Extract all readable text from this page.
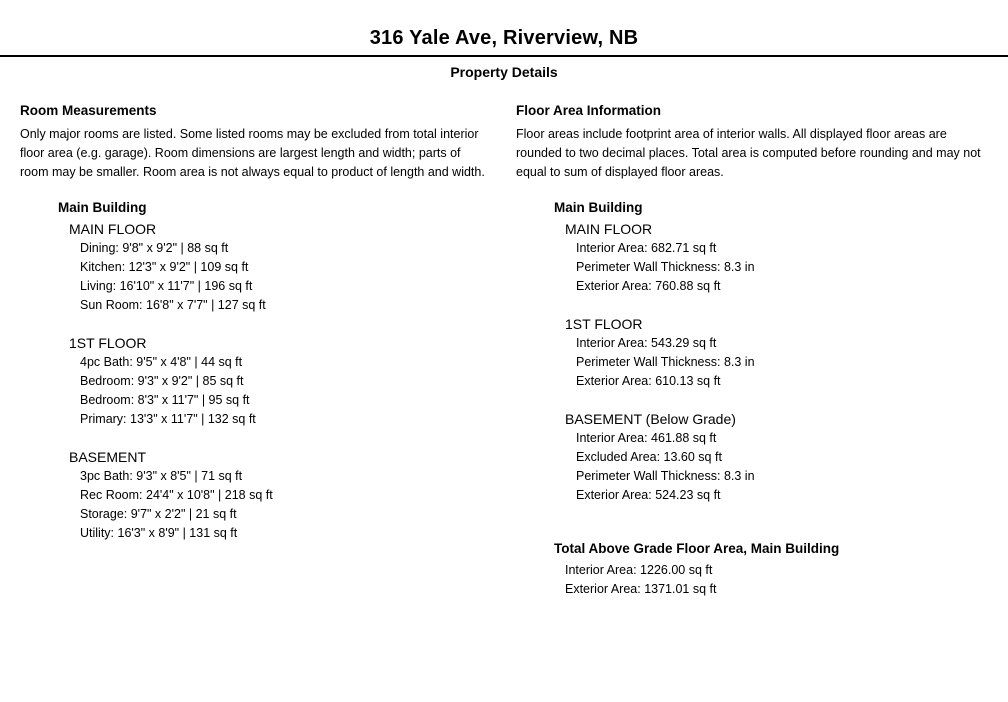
316 Yale Ave, Riverview, NB
Property Details
Room Measurements

Only major rooms are listed. Some listed rooms may be excluded from total interior floor area (e.g. garage). Room dimensions are largest length and width; parts of room may be smaller. Room area is not always equal to product of length and width.

Main Building
MAIN FLOOR
Dining: 9'8" x 9'2" | 88 sq ft
Kitchen: 12'3" x 9'2" | 109 sq ft
Living: 16'10" x 11'7" | 196 sq ft
Sun Room: 16'8" x 7'7" | 127 sq ft
1ST FLOOR
4pc Bath: 9'5" x 4'8" | 44 sq ft
Bedroom: 9'3" x 9'2" | 85 sq ft
Bedroom: 8'3" x 11'7" | 95 sq ft
Primary: 13'3" x 11'7" | 132 sq ft
BASEMENT
3pc Bath: 9'3" x 8'5" | 71 sq ft
Rec Room: 24'4" x 10'8" | 218 sq ft
Storage: 9'7" x 2'2" | 21 sq ft
Utility: 16'3" x 8'9" | 131 sq ft
Floor Area Information

Floor areas include footprint area of interior walls. All displayed floor areas are rounded to two decimal places. Total area is computed before rounding and may not equal to sum of displayed floor areas.

Main Building
MAIN FLOOR
Interior Area: 682.71 sq ft
Perimeter Wall Thickness: 8.3 in
Exterior Area: 760.88 sq ft
1ST FLOOR
Interior Area: 543.29 sq ft
Perimeter Wall Thickness: 8.3 in
Exterior Area: 610.13 sq ft
BASEMENT (Below Grade)
Interior Area: 461.88 sq ft
Excluded Area: 13.60 sq ft
Perimeter Wall Thickness: 8.3 in
Exterior Area: 524.23 sq ft
Total Above Grade Floor Area, Main Building
Interior Area: 1226.00 sq ft
Exterior Area: 1371.01 sq ft
